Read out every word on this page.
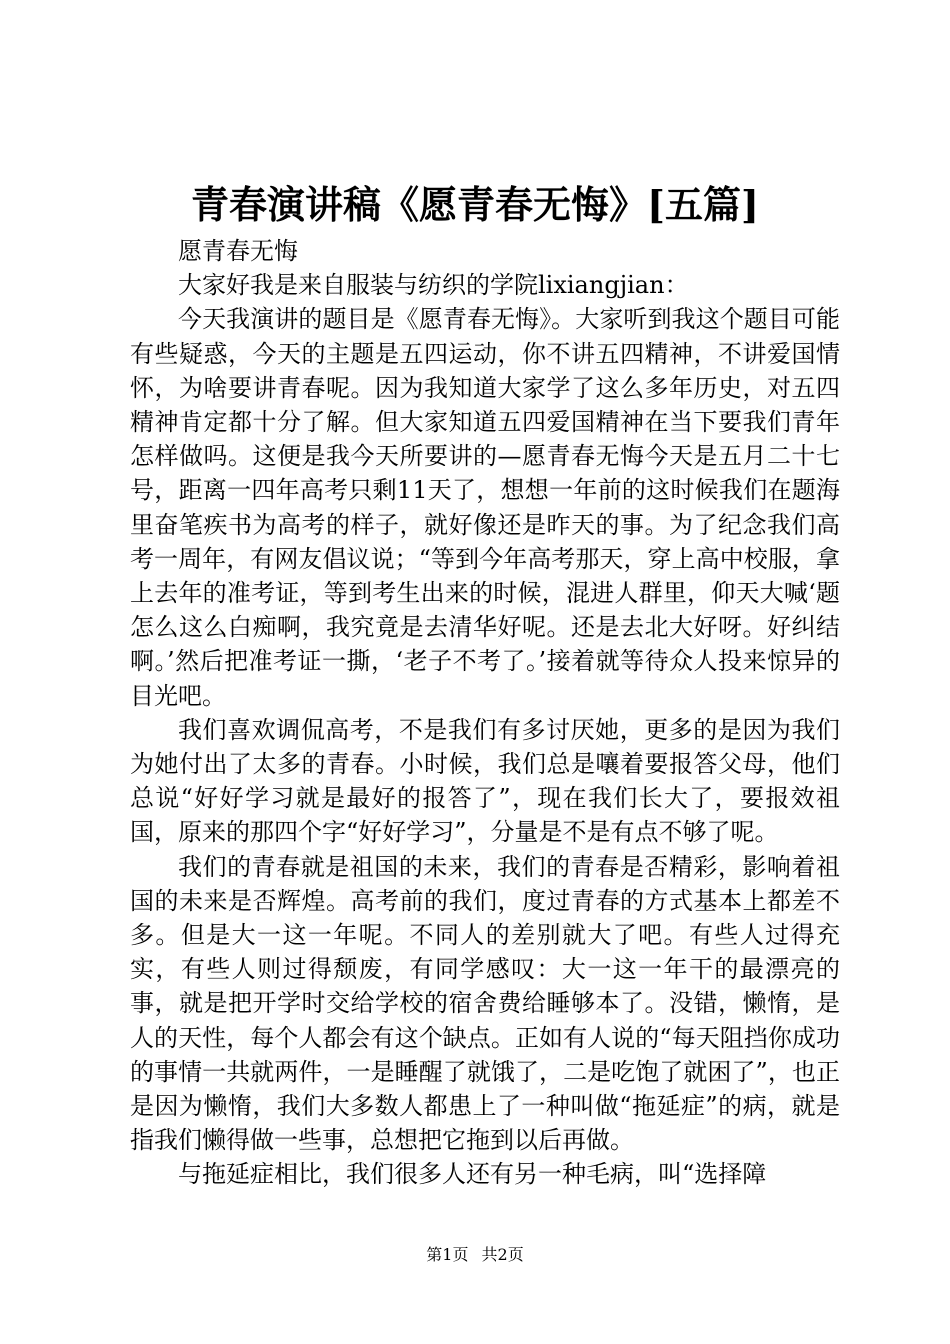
青春演讲稿《愿青春无悔》[五篇]

愿青春无悔

大家好我是来自服装与纺织的学院lixiangjian：

今天我演讲的题目是《愿青春无悔》。大家听到我这个题目可能有些疑惑，今天的主题是五四运动，你不讲五四精神，不讲爱国情怀，为啥要讲青春呢。因为我知道大家学了这么多年历史，对五四精神肯定都十分了解。但大家知道五四爱国精神在当下要我们青年怎样做吗。这便是我今天所要讲的—愿青春无悔今天是五月二十七号，距离一四年高考只剩11天了，想想一年前的这时候我们在题海里奋笔疾书为高考的样子，就好像还是昨天的事。为了纪念我们高考一周年，有网友倡议说；“等到今年高考那天，穿上高中校服，拿上去年的准考证，等到考生出来的时候，混进人群里，仰天大喊‘题怎么这么白痴啊，我究竟是去清华好呢。还是去北大好呀。好纠结啊。’然后把准考证一撕，‘老子不考了。’接着就等待众人投来惊异的目光吧。

我们喜欢调侃高考，不是我们有多讨厌她，更多的是因为我们为她付出了太多的青春。小时候，我们总是嚷着要报答父母，他们总说“好好学习就是最好的报答了”，现在我们长大了，要报效祖国，原来的那四个字“好好学习”，分量是不是有点不够了呢。

我们的青春就是祖国的未来，我们的青春是否精彩，影响着祖国的未来是否辉煌。高考前的我们，度过青春的方式基本上都差不多。但是大一这一年呢。不同人的差别就大了吧。有些人过得充实，有些人则过得颓废，有同学感叹：大一这一年干的最漂亮的事，就是把开学时交给学校的宿舍费给睡够本了。没错，懒惰，是人的天性，每个人都会有这个缺点。正如有人说的“每天阻挡你成功的事情一共就两件，一是睡醒了就饿了，二是吃饱了就困了”，也正是因为懒惰，我们大多数人都患上了一种叫做“拖延症”的病，就是指我们懒得做一些事，总想把它拖到以后再做。

与拖延症相比，我们很多人还有另一种毛病，叫“选择障

第1页 共2页
